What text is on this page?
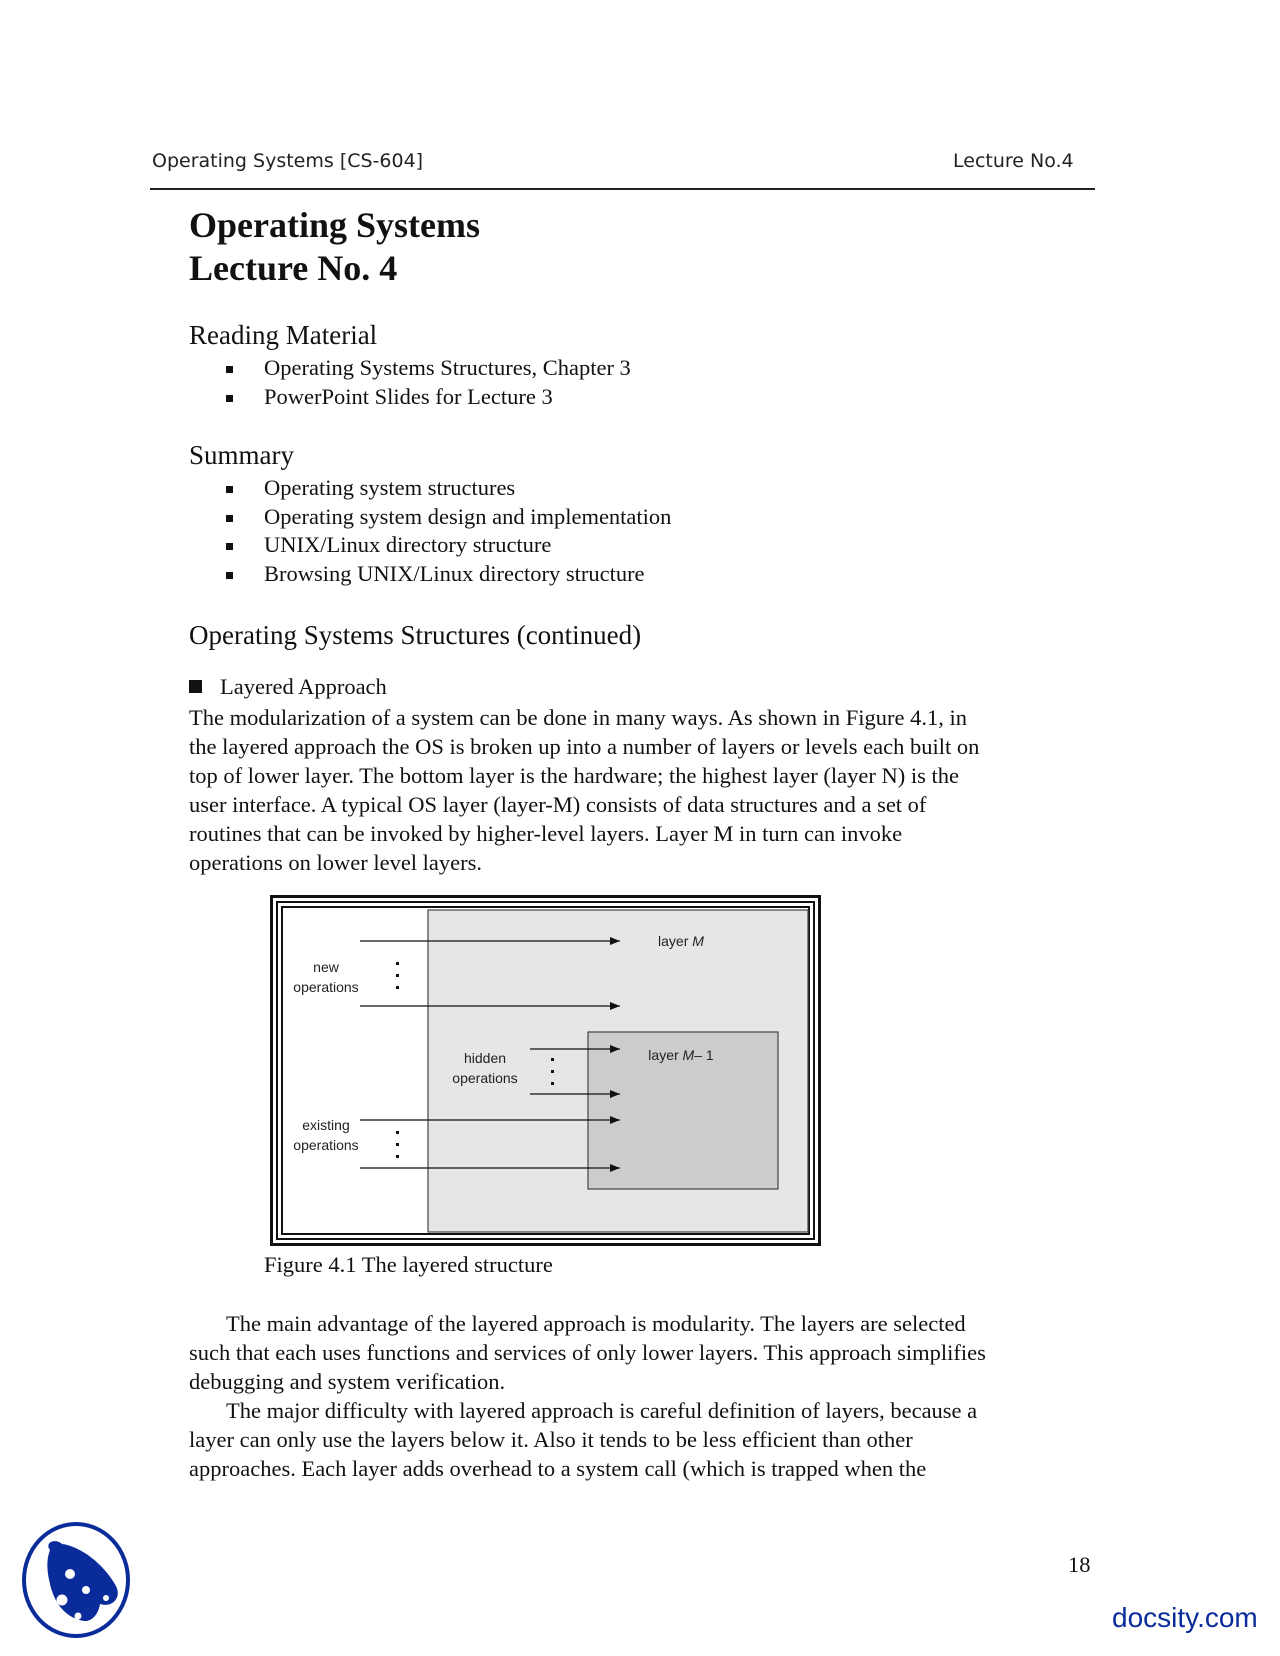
Operating Systems [CS-604]	Lecture No.4
Operating Systems
Lecture No. 4
Reading Material
Operating Systems Structures, Chapter 3
PowerPoint Slides for Lecture 3
Summary
Operating system structures
Operating system design and implementation
UNIX/Linux directory structure
Browsing UNIX/Linux directory structure
Operating Systems Structures (continued)
Layered Approach

The modularization of a system can be done in many ways. As shown in Figure 4.1, in

the layered approach the OS is broken up into a number of layers or levels each built on

top of lower layer. The bottom layer is the hardware; the highest layer (layer N) is the

user interface. A typical OS layer (layer-M) consists of data structures and a set of

routines that can be invoked by higher-level layers. Layer M in turn can invoke

operations on lower level layers.

layer M
layer M– 1
new
operations
hidden
operations
existing
operations
Figure 4.1 The layered structure

The main advantage of the layered approach is modularity. The layers are selected

such that each uses functions and services of only lower layers. This approach simplifies

debugging and system verification.

The major difficulty with layered approach is careful definition of layers, because a

layer can only use the layers below it. Also it tends to be less efficient than other

approaches. Each layer adds overhead to a system call (which is trapped when the

18
docsity.com
